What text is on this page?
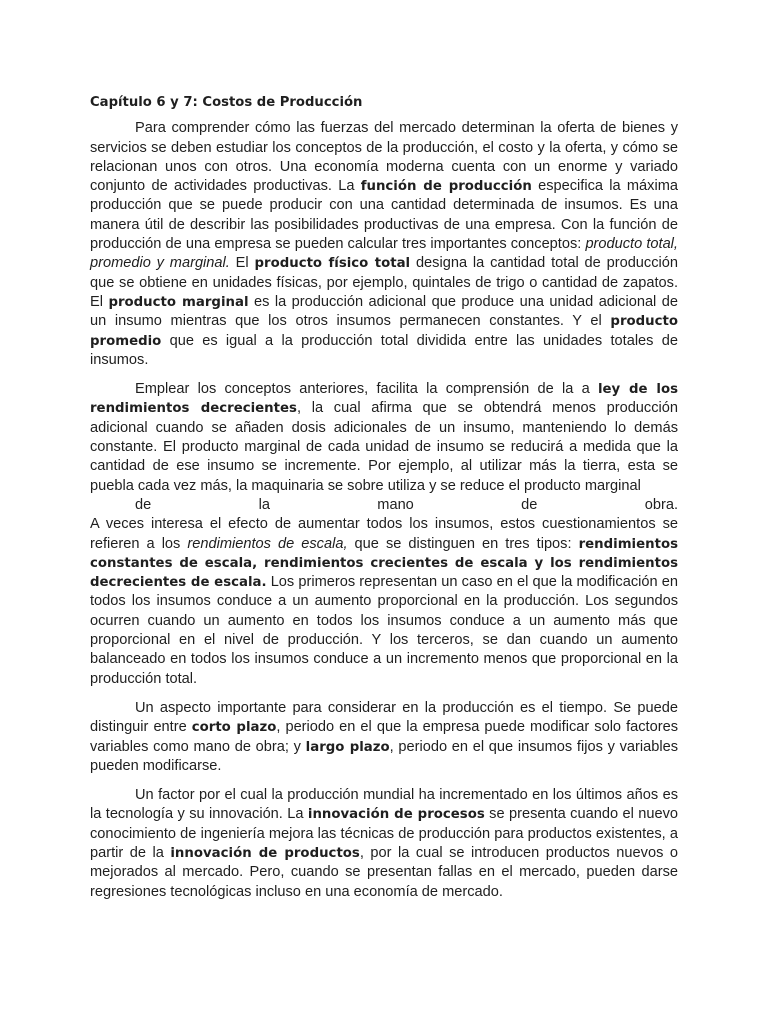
Capítulo 6 y 7: Costos de Producción

Para comprender cómo las fuerzas del mercado determinan la oferta de bienes y servicios se deben estudiar los conceptos de la producción, el costo y la oferta, y cómo se relacionan unos con otros. Una economía moderna cuenta con un enorme y variado conjunto de actividades productivas. La función de producción especifica la máxima producción que se puede producir con una cantidad determinada de insumos. Es una manera útil de describir las posibilidades productivas de una empresa. Con la función de producción de una empresa se pueden calcular tres importantes conceptos: producto total, promedio y marginal. El producto físico total designa la cantidad total de producción que se obtiene en unidades físicas, por ejemplo, quintales de trigo o cantidad de zapatos. El producto marginal es la producción adicional que produce una unidad adicional de un insumo mientras que los otros insumos permanecen constantes. Y el producto promedio que es igual a la producción total dividida entre las unidades totales de insumos.

Emplear los conceptos anteriores, facilita la comprensión de la a ley de los rendimientos decrecientes, la cual afirma que se obtendrá menos producción adicional cuando se añaden dosis adicionales de un insumo, manteniendo lo demás constante. El producto marginal de cada unidad de insumo se reducirá a medida que la cantidad de ese insumo se incremente. Por ejemplo, al utilizar más la tierra, esta se puebla cada vez más, la maquinaria se sobre utiliza y se reduce el producto marginal
de la mano de obra.
A veces interesa el efecto de aumentar todos los insumos, estos cuestionamientos se refieren a los rendimientos de escala, que se distinguen en tres tipos: rendimientos constantes de escala, rendimientos crecientes de escala y los rendimientos decrecientes de escala. Los primeros representan un caso en el que la modificación en todos los insumos conduce a un aumento proporcional en la producción. Los segundos ocurren cuando un aumento en todos los insumos conduce a un aumento más que proporcional en el nivel de producción. Y los terceros, se dan cuando un aumento balanceado en todos los insumos conduce a un incremento menos que proporcional en la producción total.

Un aspecto importante para considerar en la producción es el tiempo. Se puede distinguir entre corto plazo, periodo en el que la empresa puede modificar solo factores variables como mano de obra; y largo plazo, periodo en el que insumos fijos y variables pueden modificarse.

Un factor por el cual la producción mundial ha incrementado en los últimos años es la tecnología y su innovación. La innovación de procesos se presenta cuando el nuevo conocimiento de ingeniería mejora las técnicas de producción para productos existentes, a partir de la innovación de productos, por la cual se introducen productos nuevos o mejorados al mercado. Pero, cuando se presentan fallas en el mercado, pueden darse regresiones tecnológicas incluso en una economía de mercado.
